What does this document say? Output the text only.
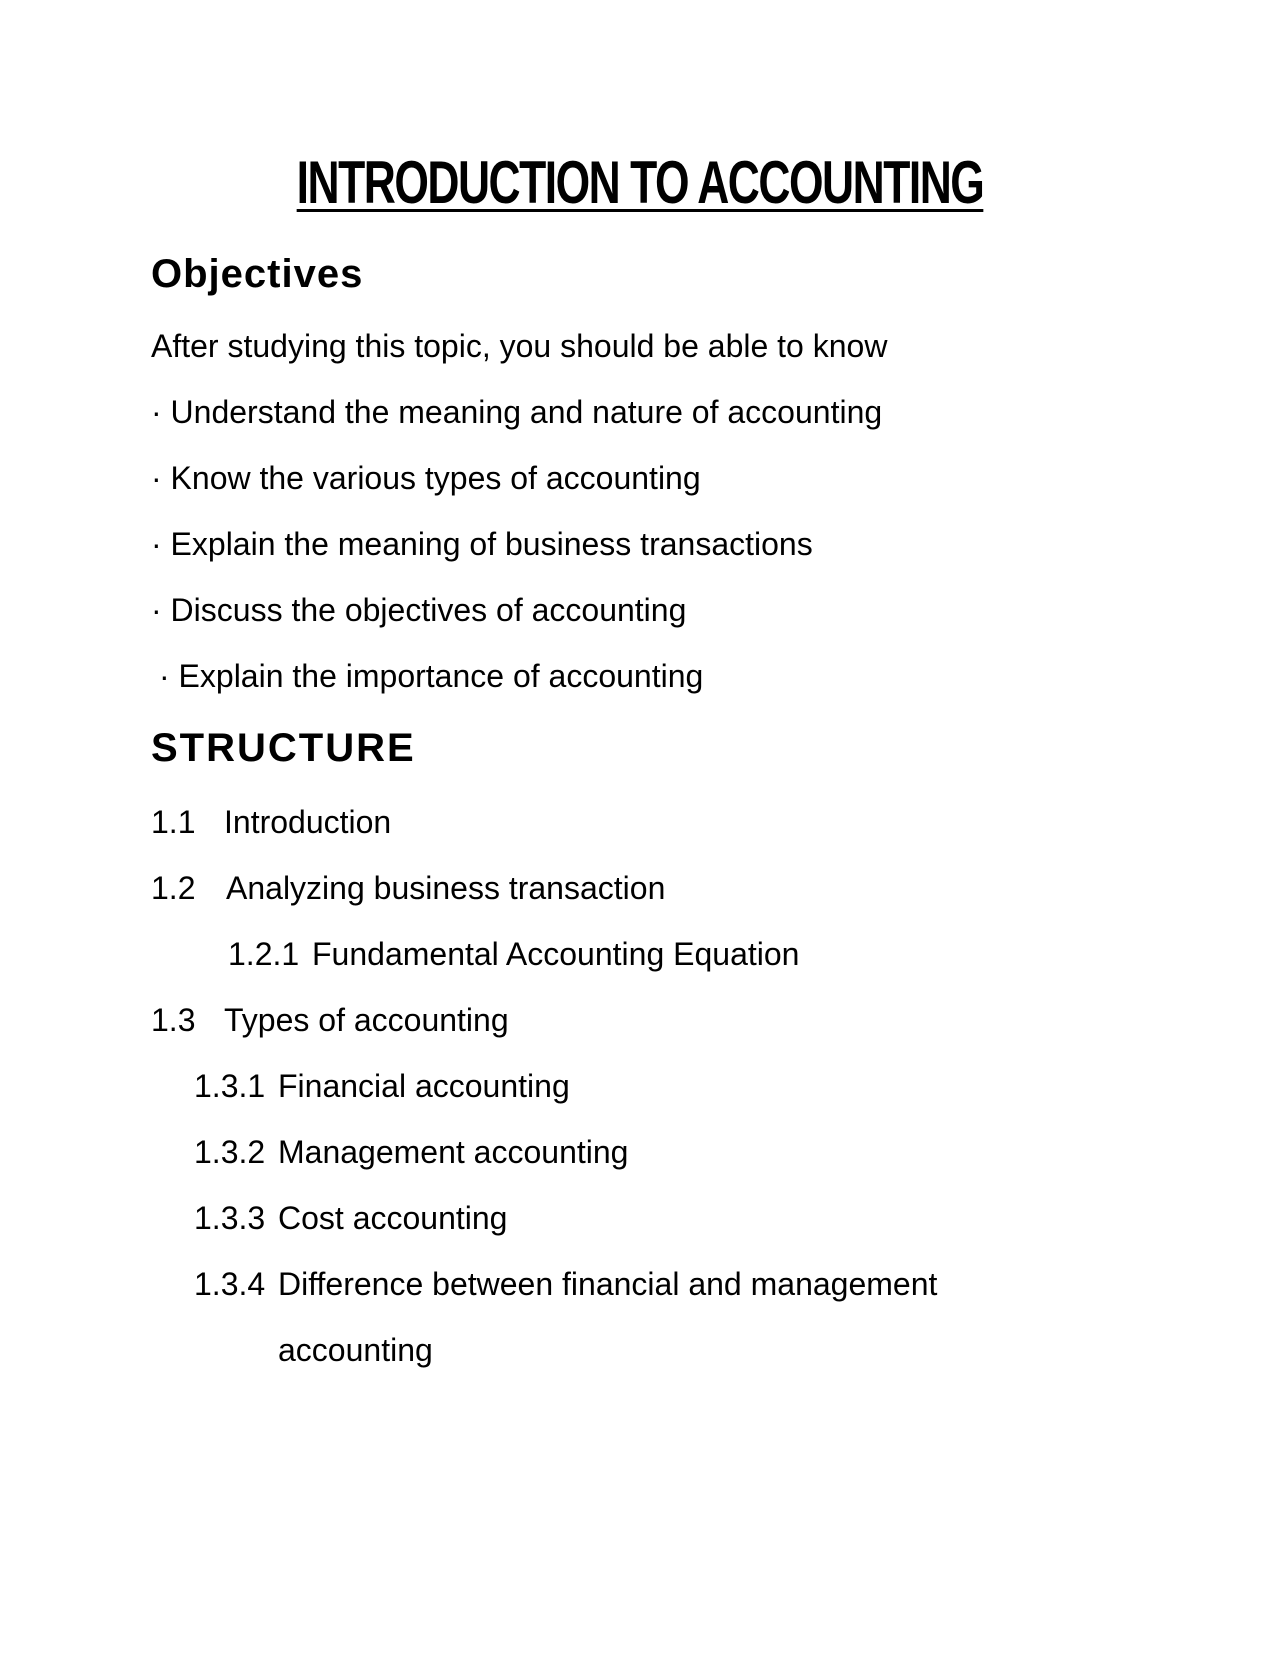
INTRODUCTION TO ACCOUNTING
Objectives
After studying this topic, you should be able to know
· Understand the meaning and nature of accounting
· Know the various types of accounting
· Explain the meaning of business transactions
· Discuss the objectives of accounting
· Explain the importance of accounting
STRUCTURE
1.1 Introduction
1.2 Analyzing business transaction
1.2.1 Fundamental Accounting Equation
1.3 Types of accounting
1.3.1 Financial accounting
1.3.2 Management accounting
1.3.3 Cost accounting
1.3.4 Difference between financial and management
accounting
